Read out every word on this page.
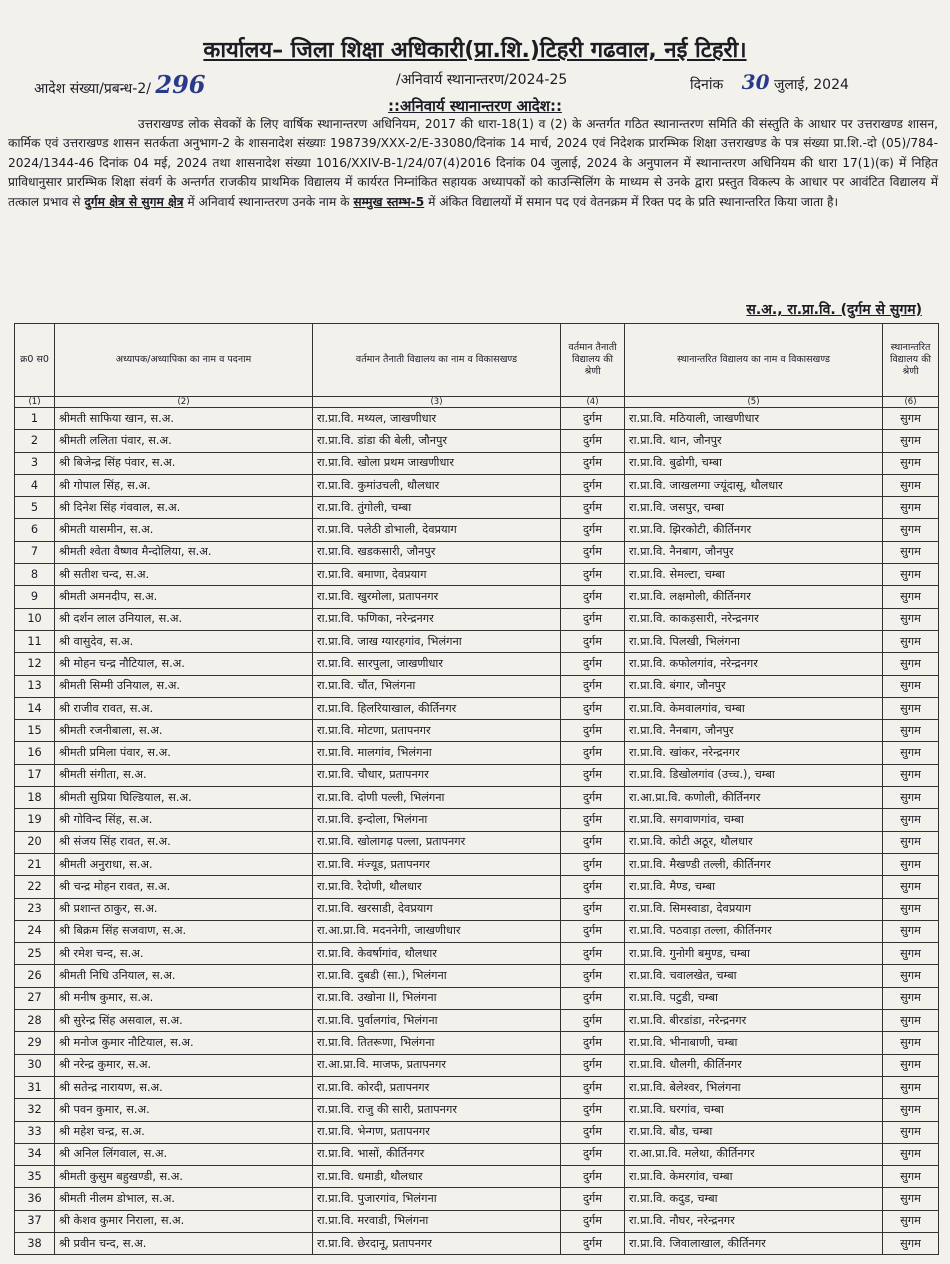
कार्यालय– जिला शिक्षा अधिकारी(प्रा.शि.)टिहरी गढवाल, नई टिहरी।
आदेश संख्या/प्रबन्ध-2/ 296	/अनिवार्य स्थानान्तरण/2024-25	दिनांक 30 जुलाई, 2024
::अनिवार्य स्थानान्तरण आदेश::
उत्तराखण्ड लोक सेवकों के लिए वार्षिक स्थानान्तरण अधिनियम, 2017 की धारा-18(1) व (2) के अन्तर्गत गठित स्थानान्तरण समिति की संस्तुति के आधार पर उत्तराखण्ड शासन, कार्मिक एवं उत्तराखण्ड शासन सतर्कता अनुभाग-2 के शासनादेश संख्याः 198739/XXX-2/E-33080/दिनांक 14 मार्च, 2024 एवं निदेशक प्रारम्भिक शिक्षा उत्तराखण्ड के पत्र संख्या प्रा.शि.-दो (05)/784-2024/1344-46 दिनांक 04 मई, 2024 तथा शासनादेश संख्या 1016/XXIV-B-1/24/07(4)2016 दिनांक 04 जुलाई, 2024 के अनुपालन में स्थानान्तरण अधिनियम की धारा 17(1)(क) में निहित प्राविधानुसार प्रारम्भिक शिक्षा संवर्ग के अन्तर्गत राजकीय प्राथमिक विद्यालय में कार्यरत निम्नांकित सहायक अध्यापकों को काउन्सिलिंग के माध्यम से उनके द्वारा प्रस्तुत विकल्प के आधार पर आवंटित विद्यालय में तत्काल प्रभाव से दुर्गम क्षेत्र से सुगम क्षेत्र में अनिवार्य स्थानान्तरण उनके नाम के सम्मुख स्तम्भ-5 में अंकित विद्यालयों में समान पद एवं वेतनक्रम में रिक्त पद के प्रति स्थानान्तरित किया जाता है।
स.अ., रा.प्रा.वि. (दुर्गम से सुगम)
क्र0 स0	अध्यापक/अध्यापिका का नाम व पदनाम	वर्तमान तैनाती विद्यालय का नाम व विकासखण्ड	वर्तमान तैनाती विद्यालय की श्रेणी	स्थानान्तरित विद्यालय का नाम व विकासखण्ड	स्थानान्तरित विद्यालय की श्रेणी
(1)	(2)	(3)	(4)	(5)	(6)
1	श्रीमती साफिया खान, स.अ.	रा.प्रा.वि. मथ्यल, जाखणीधार	दुर्गम	रा.प्रा.वि. मठियाली, जाखणीधार	सुगम
2	श्रीमती ललिता पंवार, स.अ.	रा.प्रा.वि. डांडा की बेली, जौनपुर	दुर्गम	रा.प्रा.वि. थान, जौनपुर	सुगम
3	श्री बिजेन्द्र सिंह पंवार, स.अ.	रा.प्रा.वि. खोला प्रथम जाखणीधार	दुर्गम	रा.प्रा.वि. बुढोगी, चम्बा	सुगम
4	श्री गोपाल सिंह, स.अ.	रा.प्रा.वि. कुमांउचली, थौलधार	दुर्गम	रा.प्रा.वि. जाखलग्गा ज्यूंदासू, थौलधार	सुगम
5	श्री दिनेश सिंह गंववाल, स.अ.	रा.प्रा.वि. तुंगोली, चम्बा	दुर्गम	रा.प्रा.वि. जसपुर, चम्बा	सुगम
6	श्रीमती यासमीन, स.अ.	रा.प्रा.वि. पलेठी डोभाली, देवप्रयाग	दुर्गम	रा.प्रा.वि. झिरकोटी, कीर्तिनगर	सुगम
7	श्रीमती श्वेता वैष्णव मैन्दोलिया, स.अ.	रा.प्रा.वि. खडकसारी, जौनपुर	दुर्गम	रा.प्रा.वि. नैनबाग, जौनपुर	सुगम
8	श्री सतीश चन्द, स.अ.	रा.प्रा.वि. बमाणा, देवप्रयाग	दुर्गम	रा.प्रा.वि. सेमल्टा, चम्बा	सुगम
9	श्रीमती अमनदीप, स.अ.	रा.प्रा.वि. खुरमोला, प्रतापनगर	दुर्गम	रा.प्रा.वि. लक्षमोली, कीर्तिनगर	सुगम
10	श्री दर्शन लाल उनियाल, स.अ.	रा.प्रा.वि. फणिका, नरेन्द्रनगर	दुर्गम	रा.प्रा.वि. काकड़सारी, नरेन्द्रनगर	सुगम
11	श्री वासुदेव, स.अ.	रा.प्रा.वि. जाख ग्यारहगांव, भिलंगना	दुर्गम	रा.प्रा.वि. पिलखी, भिलंगना	सुगम
12	श्री मोहन चन्द्र नौटियाल, स.अ.	रा.प्रा.वि. सारपुला, जाखणीधार	दुर्गम	रा.प्रा.वि. कफोलगांव, नरेन्द्रनगर	सुगम
13	श्रीमती सिम्मी उनियाल, स.अ.	रा.प्रा.वि. चौंत, भिलंगना	दुर्गम	रा.प्रा.वि. बंगार, जौनपुर	सुगम
14	श्री राजीव रावत, स.अ.	रा.प्रा.वि. हिलरियाखाल, कीर्तिनगर	दुर्गम	रा.प्रा.वि. केमवालगांव, चम्बा	सुगम
15	श्रीमती रजनीबाला, स.अ.	रा.प्रा.वि. मोटणा, प्रतापनगर	दुर्गम	रा.प्रा.वि. नैनबाग, जौनपुर	सुगम
16	श्रीमती प्रमिला पंवार, स.अ.	रा.प्रा.वि. मालगांव, भिलंगना	दुर्गम	रा.प्रा.वि. खांकर, नरेन्द्रनगर	सुगम
17	श्रीमती संगीता, स.अ.	रा.प्रा.वि. चौधार, प्रतापनगर	दुर्गम	रा.प्रा.वि. डिखोलगांव (उच्च.), चम्बा	सुगम
18	श्रीमती सुप्रिया घिल्डियाल, स.अ.	रा.प्रा.वि. दोणी पल्ली, भिलंगना	दुर्गम	रा.आ.प्रा.वि. कणोली, कीर्तिनगर	सुगम
19	श्री गोविन्द सिंह, स.अ.	रा.प्रा.वि. इन्दोला, भिलंगना	दुर्गम	रा.प्रा.वि. सगवाणगांव, चम्बा	सुगम
20	श्री संजय सिंह रावत, स.अ.	रा.प्रा.वि. खोलागढ़ पल्ला, प्रतापनगर	दुर्गम	रा.प्रा.वि. कोटी अठूर, थौलधार	सुगम
21	श्रीमती अनुराधा, स.अ.	रा.प्रा.वि. मंज्यूड, प्रतापनगर	दुर्गम	रा.प्रा.वि. मैखण्डी तल्ली, कीर्तिनगर	सुगम
22	श्री चन्द्र मोहन रावत, स.अ.	रा.प्रा.वि. रैदोणी, थौलधार	दुर्गम	रा.प्रा.वि. मैण्ड, चम्बा	सुगम
23	श्री प्रशान्त ठाकुर, स.अ.	रा.प्रा.वि. खरसाडी, देवप्रयाग	दुर्गम	रा.प्रा.वि. सिमस्वाडा, देवप्रयाग	सुगम
24	श्री बिक्रम सिंह सजवाण, स.अ.	रा.आ.प्रा.वि. मदननेगी, जाखणीधार	दुर्गम	रा.प्रा.वि. पठवाड़ा तल्ला, कीर्तिनगर	सुगम
25	श्री रमेश चन्द, स.अ.	रा.प्रा.वि. केवर्षागांव, थौलधार	दुर्गम	रा.प्रा.वि. गुनोगी बमुण्ड, चम्बा	सुगम
26	श्रीमती निधि उनियाल, स.अ.	रा.प्रा.वि. दुबडी (सा.), भिलंगना	दुर्गम	रा.प्रा.वि. चवालखेत, चम्बा	सुगम
27	श्री मनीष कुमार, स.अ.	रा.प्रा.वि. उखोना II, भिलंगना	दुर्गम	रा.प्रा.वि. पटुडी, चम्बा	सुगम
28	श्री सुरेन्द्र सिंह असवाल, स.अ.	रा.प्रा.वि. पुर्वालगांव, भिलंगना	दुर्गम	रा.प्रा.वि. बीरडांडा, नरेन्द्रनगर	सुगम
29	श्री मनोज कुमार नौटियाल, स.अ.	रा.प्रा.वि. तितरूणा, भिलंगना	दुर्गम	रा.प्रा.वि. भीनाबाणी, चम्बा	सुगम
30	श्री नरेन्द्र कुमार, स.अ.	रा.आ.प्रा.वि. माजफ, प्रतापनगर	दुर्गम	रा.प्रा.वि. धौलगी, कीर्तिनगर	सुगम
31	श्री सतेन्द्र नारायण, स.अ.	रा.प्रा.वि. कोरदी, प्रतापनगर	दुर्गम	रा.प्रा.वि. बेलेश्वर, भिलंगना	सुगम
32	श्री पवन कुमार, स.अ.	रा.प्रा.वि. राजु की सारी, प्रतापनगर	दुर्गम	रा.प्रा.वि. घरगांव, चम्बा	सुगम
33	श्री महेश चन्द्र, स.अ.	रा.प्रा.वि. भेन्गण, प्रतापनगर	दुर्गम	रा.प्रा.वि. बौड, चम्बा	सुगम
34	श्री अनिल लिंगवाल, स.अ.	रा.प्रा.वि. भासों, कीर्तिनगर	दुर्गम	रा.आ.प्रा.वि. मलेथा, कीर्तिनगर	सुगम
35	श्रीमती कुसुम बहुखण्डी, स.अ.	रा.प्रा.वि. धमाडी, थौलधार	दुर्गम	रा.प्रा.वि. केमरगांव, चम्बा	सुगम
36	श्रीमती नीलम डोभाल, स.अ.	रा.प्रा.वि. पुजारगांव, भिलंगना	दुर्गम	रा.प्रा.वि. कदुड, चम्बा	सुगम
37	श्री केशव कुमार निराला, स.अ.	रा.प्रा.वि. मरवाडी, भिलंगना	दुर्गम	रा.प्रा.वि. नौघर, नरेन्द्रनगर	सुगम
38	श्री प्रवीन चन्द, स.अ.	रा.प्रा.वि. छेरदानू, प्रतापनगर	दुर्गम	रा.प्रा.वि. जिवालाखाल, कीर्तिनगर	सुगम
